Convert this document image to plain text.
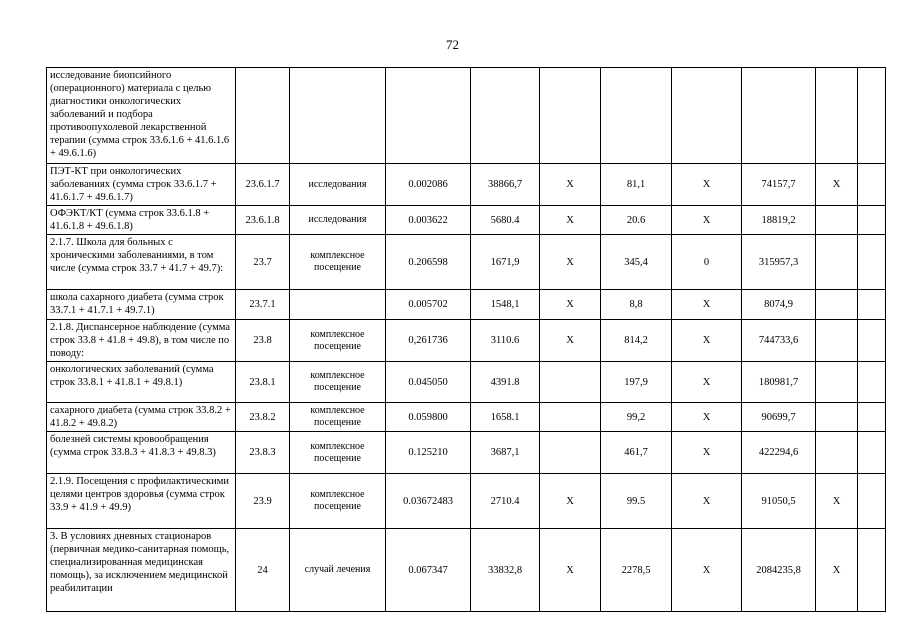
72
исследование биопсийного (операционного) материала с целью диагностики онкологических заболеваний и подбора противоопухолевой лекарственной терапии (сумма строк 33.6.1.6 + 41.6.1.6 + 49.6.1.6)										
ПЭТ-КТ при онкологических заболеваниях (сумма строк 33.6.1.7 + 41.6.1.7 + 49.6.1.7)	23.6.1.7	исследования	0.002086	38866,7	Х	81,1	Х	74157,7	Х	
ОФЭКТ/КТ (сумма строк 33.6.1.8 + 41.6.1.8 + 49.6.1.8)	23.6.1.8	исследования	0.003622	5680.4	Х	20.6	Х	18819,2		
2.1.7. Школа для больных с хроническими заболеваниями, в том числе (сумма строк 33.7 + 41.7 + 49.7):	23.7	комплексное посещение	0.206598	1671,9	Х	345,4	0	315957,3		
школа сахарного диабета (сумма строк 33.7.1 + 41.7.1 + 49.7.1)	23.7.1		0.005702	1548,1	Х	8,8	Х	8074,9		
2.1.8. Диспансерное наблюдение (сумма строк 33.8 + 41.8 + 49.8), в том числе по поводу:	23.8	комплексное посещение	0,261736	3110.6	Х	814,2	Х	744733,6		
онкологических заболеваний (сумма строк 33.8.1 + 41.8.1 + 49.8.1)	23.8.1	комплексное посещение	0.045050	4391.8		197,9	Х	180981,7		
сахарного диабета (сумма строк 33.8.2 + 41.8.2 + 49.8.2)	23.8.2	комплексное посещение	0.059800	1658.1		99,2	Х	90699,7		
болезней системы кровообращения (сумма строк 33.8.3 + 41.8.3 + 49.8.3)	23.8.3	комплексное посещение	0.125210	3687,1		461,7	Х	422294,6		
2.1.9. Посещения с профилактическими целями центров здоровья (сумма строк 33.9 + 41.9 + 49.9)	23.9	комплексное посещение	0.03672483	2710.4	Х	99.5	Х	91050,5	Х	
3. В условиях дневных стационаров (первичная медико-санитарная помощь, специализированная медицинская помощь), за исключением медицинской реабилитации	24	случай лечения	0.067347	33832,8	Х	2278,5	Х	2084235,8	Х	
